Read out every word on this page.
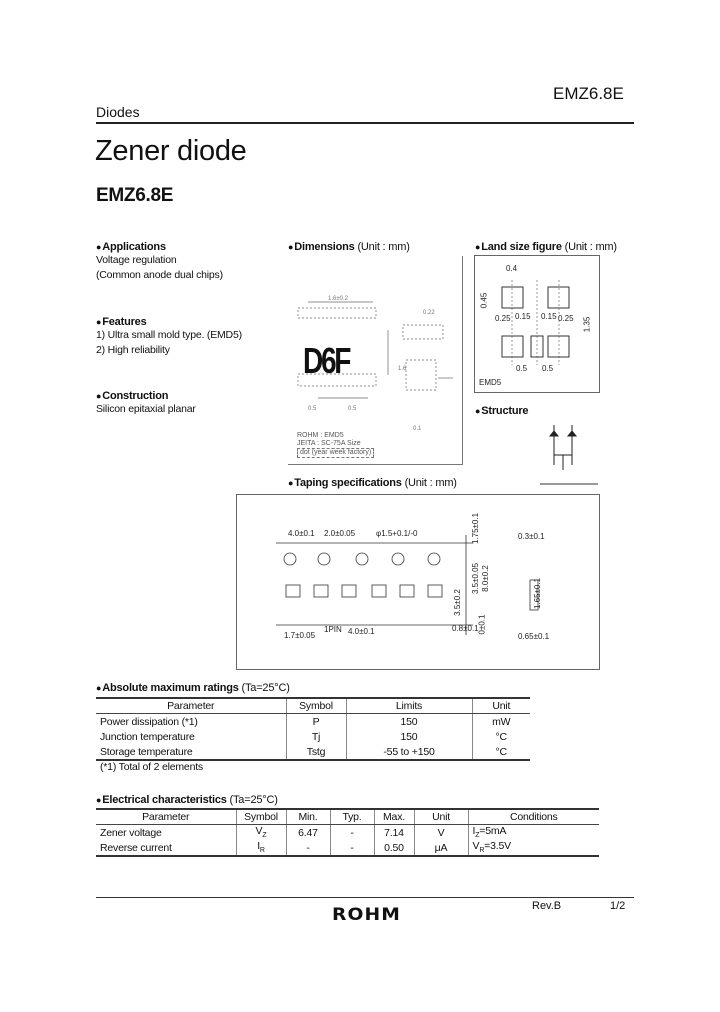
Diodes
EMZ6.8E
Zener diode
EMZ6.8E
●Applications
Voltage regulation
(Common anode dual chips)
●Features
1) Ultra small mold type. (EMD5)
2) High reliability
●Construction
Silicon epitaxial planar
●Dimensions (Unit : mm)
1.6±0.2
0.22
1.6
0.5	0.5
0.1
D6F
ROHM : EMD5
JEITA : SC-75A Size
dot (year week factory)
●Land size figure (Unit : mm)
0.4
0.45
0.25 0.15 0.15 0.25 1.35
0.5 0.5
EMD5
●Structure
●Taping specifications (Unit : mm)
4.0±0.1 2.0±0.05	φ1.5+0.1/-0	1.75±0.1
3.5±0.05 8.0±0.2
3.5±0.2
1PIN
1.7±0.05	4.0±0.1	0.8±0.1
0.3±0.1
1.65±0.1
0.65±0.1
0±0.1
●Absolute maximum ratings (Ta=25°C)
Parameter	Symbol	Limits	Unit
Power dissipation (*1)	P	150	mW
Junction temperature	Tj	150	°C
Storage temperature	Tstg	-55 to +150	°C
(*1) Total of 2 elements
●Electrical characteristics (Ta=25°C)
Parameter	Symbol	Min.	Typ.	Max.	Unit	Conditions
Zener voltage	$V_Z$	6.47	-	7.14	V	$I_Z=5mA$
Reverse current	$I_R$	-	-	0.50	μA	$V_R=3.5V$
Rev.B	1/2
ROHM
